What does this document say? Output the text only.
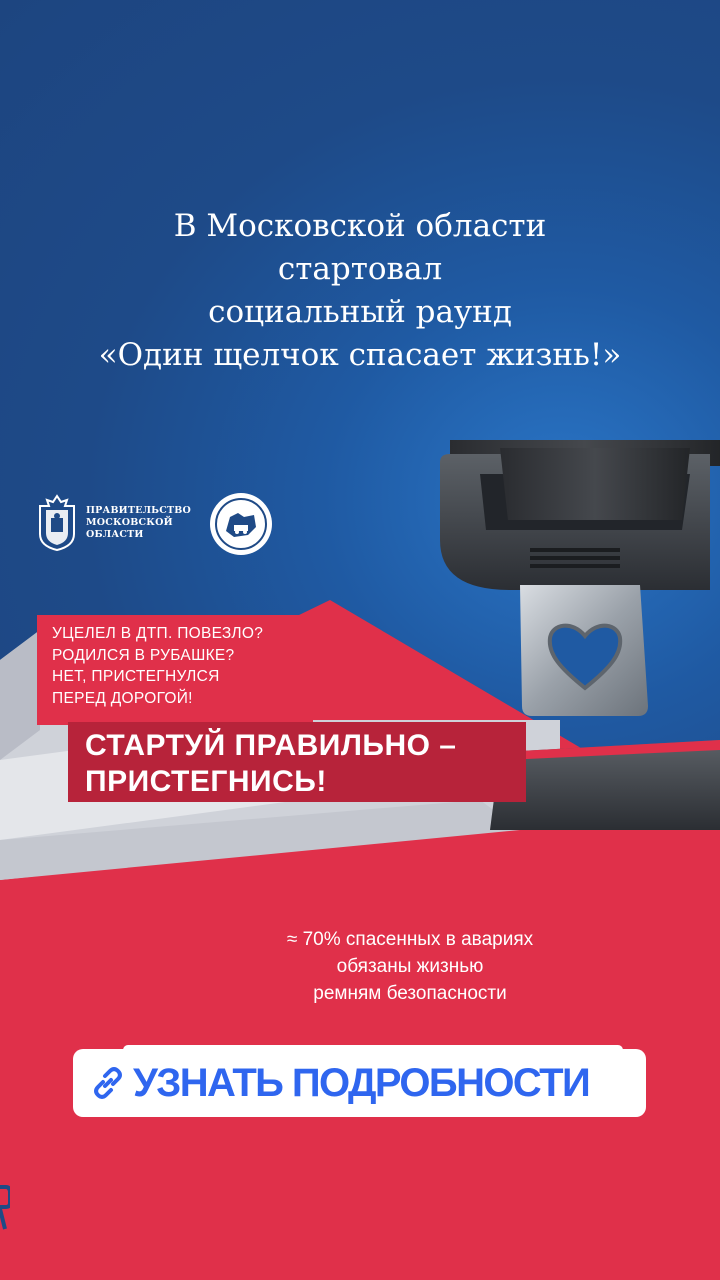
В Московской области
стартовал
социальный раунд
«Один щелчок спасает жизнь!»
ПРАВИТЕЛЬСТВО
МОСКОВСКОЙ
ОБЛАСТИ
УЦЕЛЕЛ В ДТП. ПОВЕЗЛО?
РОДИЛСЯ В РУБАШКЕ?
НЕТ, ПРИСТЕГНУЛСЯ
ПЕРЕД ДОРОГОЙ!
СТАРТУЙ ПРАВИЛЬНО –
ПРИСТЕГНИСЬ!
≈ 70% спасенных в авариях
обязаны жизнью
ремням безопасности
УЗНАТЬ ПОДРОБНОСТИ
